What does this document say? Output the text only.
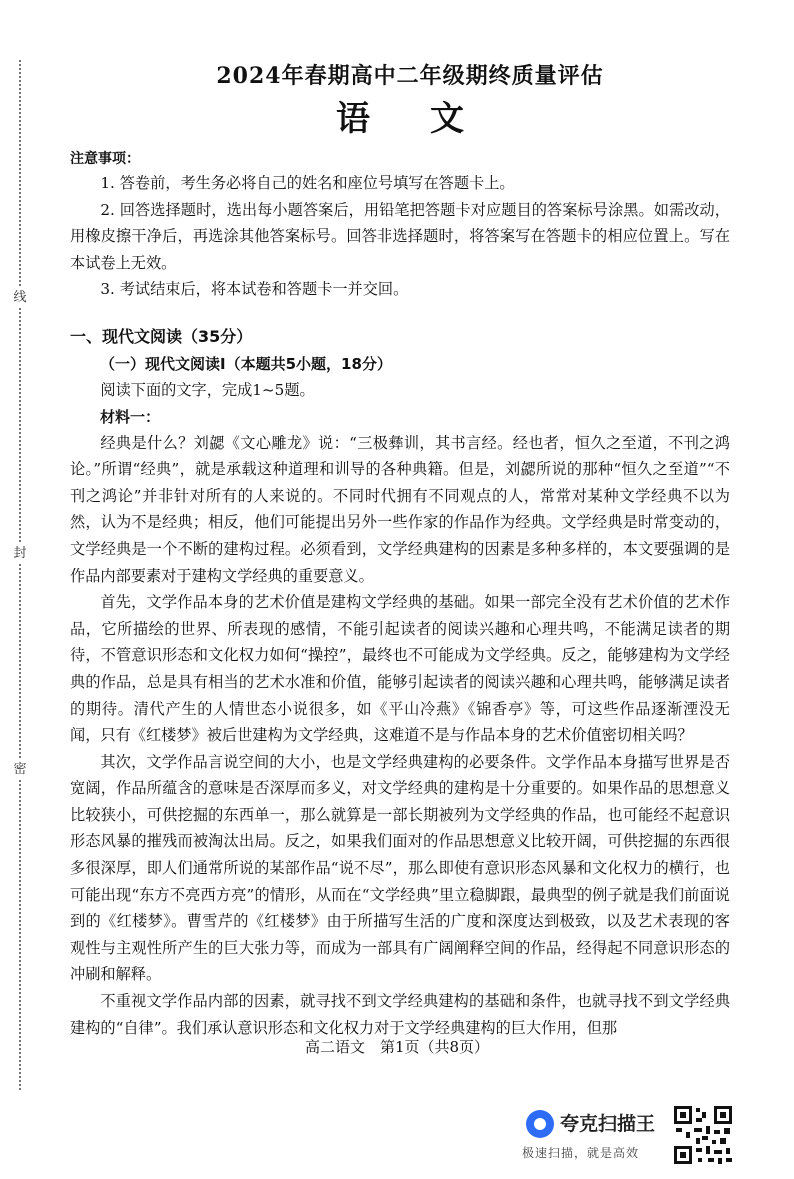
线
封
密
2024年春期高中二年级期终质量评估
语文
注意事项：
1. 答卷前，考生务必将自己的姓名和座位号填写在答题卡上。
2. 回答选择题时，选出每小题答案后，用铅笔把答题卡对应题目的答案标号涂黑。如需改动，用橡皮擦干净后，再选涂其他答案标号。回答非选择题时，将答案写在答题卡的相应位置上。写在本试卷上无效。
3. 考试结束后，将本试卷和答题卡一并交回。
一、现代文阅读（35分）
（一）现代文阅读Ⅰ（本题共5小题，18分）
阅读下面的文字，完成1~5题。
材料一：
经典是什么？刘勰《文心雕龙》说：“三极彝训，其书言经。经也者，恒久之至道，不刊之鸿论。”所谓“经典”，就是承载这种道理和训导的各种典籍。但是，刘勰所说的那种“恒久之至道”“不刊之鸿论”并非针对所有的人来说的。不同时代拥有不同观点的人，常常对某种文学经典不以为然，认为不是经典；相反，他们可能提出另外一些作家的作品作为经典。文学经典是时常变动的，文学经典是一个不断的建构过程。必须看到，文学经典建构的因素是多种多样的，本文要强调的是作品内部要素对于建构文学经典的重要意义。
首先，文学作品本身的艺术价值是建构文学经典的基础。如果一部完全没有艺术价值的艺术作品，它所描绘的世界、所表现的感情，不能引起读者的阅读兴趣和心理共鸣，不能满足读者的期待，不管意识形态和文化权力如何“操控”，最终也不可能成为文学经典。反之，能够建构为文学经典的作品，总是具有相当的艺术水准和价值，能够引起读者的阅读兴趣和心理共鸣，能够满足读者的期待。清代产生的人情世态小说很多，如《平山冷燕》《锦香亭》等，可这些作品逐渐湮没无闻，只有《红楼梦》被后世建构为文学经典，这难道不是与作品本身的艺术价值密切相关吗？
其次，文学作品言说空间的大小，也是文学经典建构的必要条件。文学作品本身描写世界是否宽阔，作品所蕴含的意味是否深厚而多义，对文学经典的建构是十分重要的。如果作品的思想意义比较狭小，可供挖掘的东西单一，那么就算是一部长期被列为文学经典的作品，也可能经不起意识形态风暴的摧残而被淘汰出局。反之，如果我们面对的作品思想意义比较开阔，可供挖掘的东西很多很深厚，即人们通常所说的某部作品“说不尽”，那么即使有意识形态风暴和文化权力的横行，也可能出现“东方不亮西方亮”的情形，从而在“文学经典”里立稳脚跟，最典型的例子就是我们前面说到的《红楼梦》。曹雪芹的《红楼梦》由于所描写生活的广度和深度达到极致，以及艺术表现的客观性与主观性所产生的巨大张力等，而成为一部具有广阔阐释空间的作品，经得起不同意识形态的冲刷和解释。
不重视文学作品内部的因素，就寻找不到文学经典建构的基础和条件，也就寻找不到文学经典建构的“自律”。我们承认意识形态和文化权力对于文学经典建构的巨大作用，但那
高二语文　第1页（共8页）
夸克扫描王
极速扫描，就是高效
